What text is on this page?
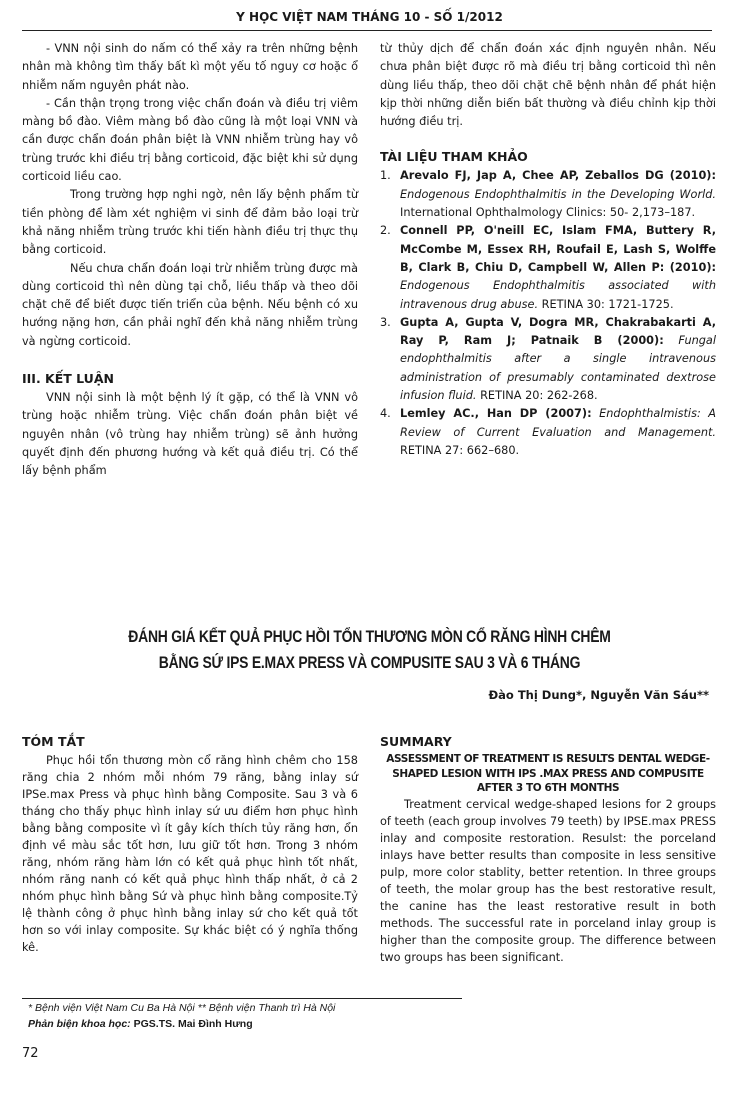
Y HỌC VIỆT NAM THÁNG 10 - SỐ 1/2012

- VNN nội sinh do nấm có thể xảy ra trên những bệnh nhân mà không tìm thấy bất kì một yếu tố nguy cơ hoặc ổ nhiễm nấm nguyên phát nào.

- Cần thận trọng trong việc chẩn đoán và điều trị viêm màng bồ đào. Viêm màng bồ đào cũng là một loại VNN và cần được chẩn đoán phân biệt là VNN nhiễm trùng hay vô trùng trước khi điều trị bằng corticoid, đặc biệt khi sử dụng corticoid liều cao.

Trong trường hợp nghi ngờ, nên lấy bệnh phẩm từ tiền phòng để làm xét nghiệm vi sinh để đảm bảo loại trừ khả năng nhiễm trùng trước khi tiến hành điều trị thực thụ bằng corticoid.

Nếu chưa chẩn đoán loại trừ nhiễm trùng được mà dùng corticoid thì nên dùng tại chỗ, liều thấp và theo dõi chặt chẽ để biết được tiến triển của bệnh. Nếu bệnh có xu hướng nặng hơn, cần phải nghĩ đến khả năng nhiễm trùng và ngừng corticoid.

III. KẾT LUẬN

VNN nội sinh là một bệnh lý ít gặp, có thể là VNN vô trùng hoặc nhiễm trùng. Việc chẩn đoán phân biệt về nguyên nhân (vô trùng hay nhiễm trùng) sẽ ảnh hưởng quyết định đến phương hướng và kết quả điều trị. Có thể lấy bệnh phẩm

từ thủy dịch để chẩn đoán xác định nguyên nhân. Nếu chưa phân biệt được rõ mà điều trị bằng corticoid thì nên dùng liều thấp, theo dõi chặt chẽ bệnh nhân để phát hiện kịp thời những diễn biến bất thường và điều chỉnh kịp thời hướng điều trị.

TÀI LIỆU THAM KHẢO
1. Arevalo FJ, Jap A, Chee AP, Zeballos DG (2010): Endogenous Endophthalmitis in the Developing World. International Ophthalmology Clinics: 50- 2,173–187.
2. Connell PP, O'neill EC, Islam FMA, Buttery R, McCombe M, Essex RH, Roufail E, Lash S, Wolffe B, Clark B, Chiu D, Campbell W, Allen P: (2010): Endogenous Endophthalmitis associated with intravenous drug abuse. RETINA 30: 1721-1725.
3. Gupta A, Gupta V, Dogra MR, Chakrabakarti A, Ray P, Ram J; Patnaik B (2000): Fungal endophthalmitis after a single intravenous administration of presumably contaminated dextrose infusion fluid. RETINA 20: 262-268.
4. Lemley AC., Han DP (2007): Endophthalmistis: A Review of Current Evaluation and Management. RETINA 27: 662–680.
ĐÁNH GIÁ KẾT QUẢ PHỤC HỒI TỔN THƯƠNG MÒN CỔ RĂNG HÌNH CHÊM
BẰNG SỨ IPS E.MAX PRESS VÀ COMPUSITE SAU 3 VÀ 6 THÁNG
Đào Thị Dung*, Nguyễn Văn Sáu**
TÓM TẮT

Phục hồi tổn thương mòn cổ răng hình chêm cho 158 răng chia 2 nhóm mỗi nhóm 79 răng, bằng inlay sứ IPSe.max Press và phục hình bằng Composite. Sau 3 và 6 tháng cho thấy phục hình inlay sứ ưu điểm hơn phục hình bằng bằng composite vì ít gây kích thích tủy răng hơn, ổn định về màu sắc tốt hơn, lưu giữ tốt hơn. Trong 3 nhóm răng, nhóm răng hàm lớn có kết quả phục hình tốt nhất, nhóm răng nanh có kết quả phục hình thấp nhất, ở cả 2 nhóm phục hình bằng Sứ và phục hình bằng composite.Tỷ lệ thành công ở phục hình bằng inlay sứ cho kết quả tốt hơn so với inlay composite. Sự khác biệt có ý nghĩa thống kê.

SUMMARY
ASSESSMENT OF TREATMENT IS RESULTS DENTAL WEDGE-SHAPED LESION WITH IPS .MAX PRESS AND COMPUSITE AFTER 3 TO 6TH MONTHS

Treatment cervical wedge-shaped lesions for 2 groups of teeth (each group involves 79 teeth) by IPSE.max PRESS inlay and composite restoration. Resulst: the porceland inlays have better results than composite in less sensitive pulp, more color stablity, better retention. In three groups of teeth, the molar group has the best restorative result, the canine has the least restorative result in both methods. The successful rate in porceland inlay group is higher than the composite group. The difference between two groups has been significant.

* Bệnh viện Việt Nam Cu Ba Hà Nội ** Bệnh viện Thanh trì Hà Nội
Phản biện khoa học: PGS.TS. Mai Đình Hưng
72
